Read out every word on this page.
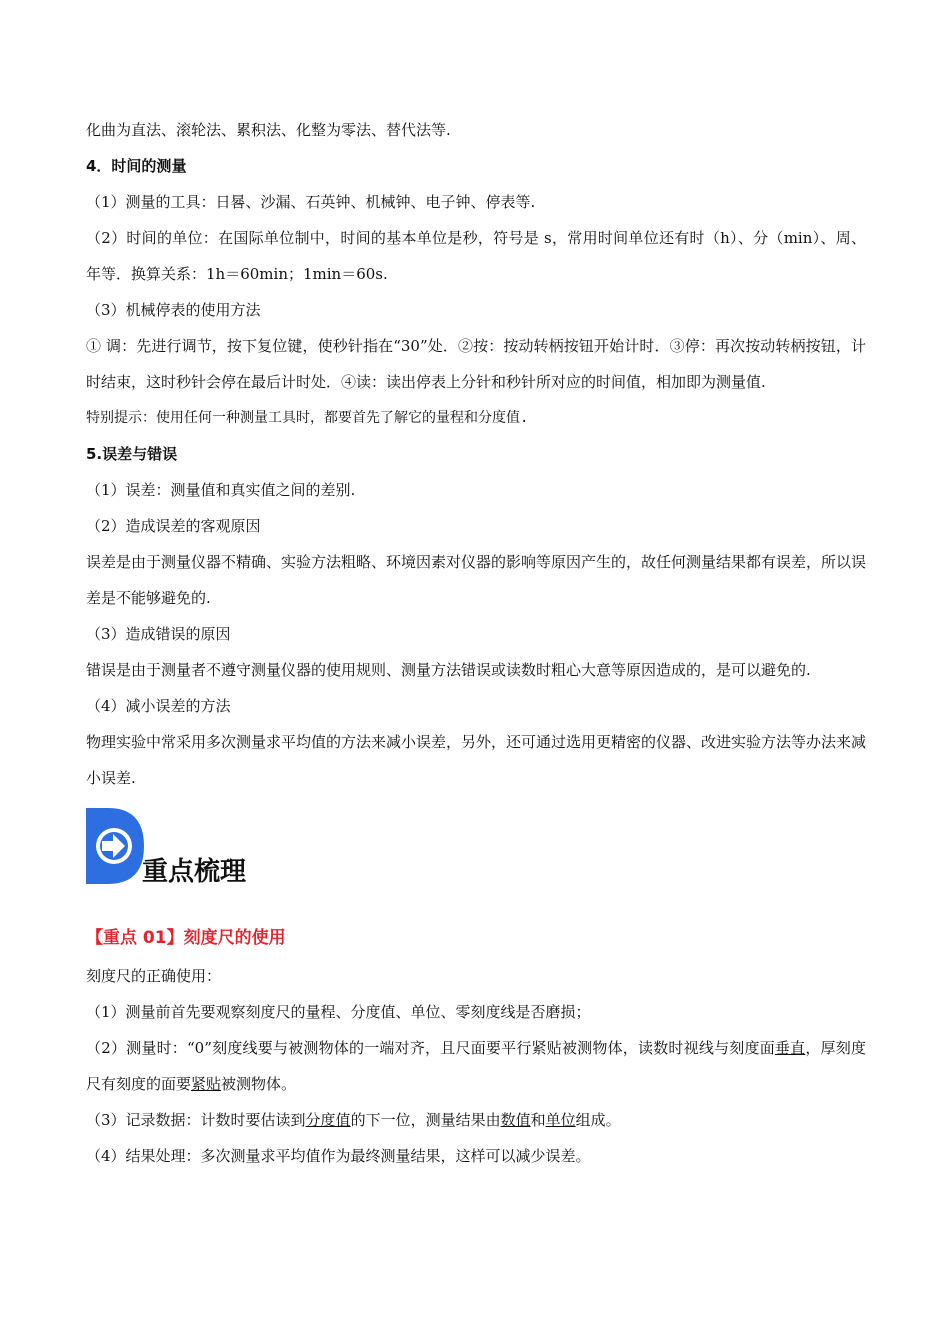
化曲为直法、滚轮法、累积法、化整为零法、替代法等.
4．时间的测量
（1）测量的工具：日晷、沙漏、石英钟、机械钟、电子钟、停表等.
（2）时间的单位：在国际单位制中，时间的基本单位是秒，符号是 s，常用时间单位还有时（h）、分（min）、周、年等．换算关系：1h＝60min；1min＝60s.
（3）机械停表的使用方法
① 调：先进行调节，按下复位键，使秒针指在“30”处．②按：按动转柄按钮开始计时．③停：再次按动转柄按钮，计时结束，这时秒针会停在最后计时处．④读：读出停表上分针和秒针所对应的时间值，相加即为测量值.
特别提示：使用任何一种测量工具时，都要首先了解它的量程和分度值.
5.误差与错误
（1）误差：测量值和真实值之间的差别.
（2）造成误差的客观原因
误差是由于测量仪器不精确、实验方法粗略、环境因素对仪器的影响等原因产生的，故任何测量结果都有误差，所以误差是不能够避免的.
（3）造成错误的原因
错误是由于测量者不遵守测量仪器的使用规则、测量方法错误或读数时粗心大意等原因造成的，是可以避免的.
（4）减小误差的方法
物理实验中常采用多次测量求平均值的方法来减小误差，另外，还可通过选用更精密的仪器、改进实验方法等办法来减小误差.
重点梳理
【重点 01】刻度尺的使用
刻度尺的正确使用：
（1）测量前首先要观察刻度尺的量程、分度值、单位、零刻度线是否磨损；
（2）测量时：“0”刻度线要与被测物体的一端对齐，且尺面要平行紧贴被测物体，读数时视线与刻度面垂直，厚刻度尺有刻度的面要紧贴被测物体。
（3）记录数据：计数时要估读到分度值的下一位，测量结果由数值和单位组成。
（4）结果处理：多次测量求平均值作为最终测量结果，这样可以减少误差。
